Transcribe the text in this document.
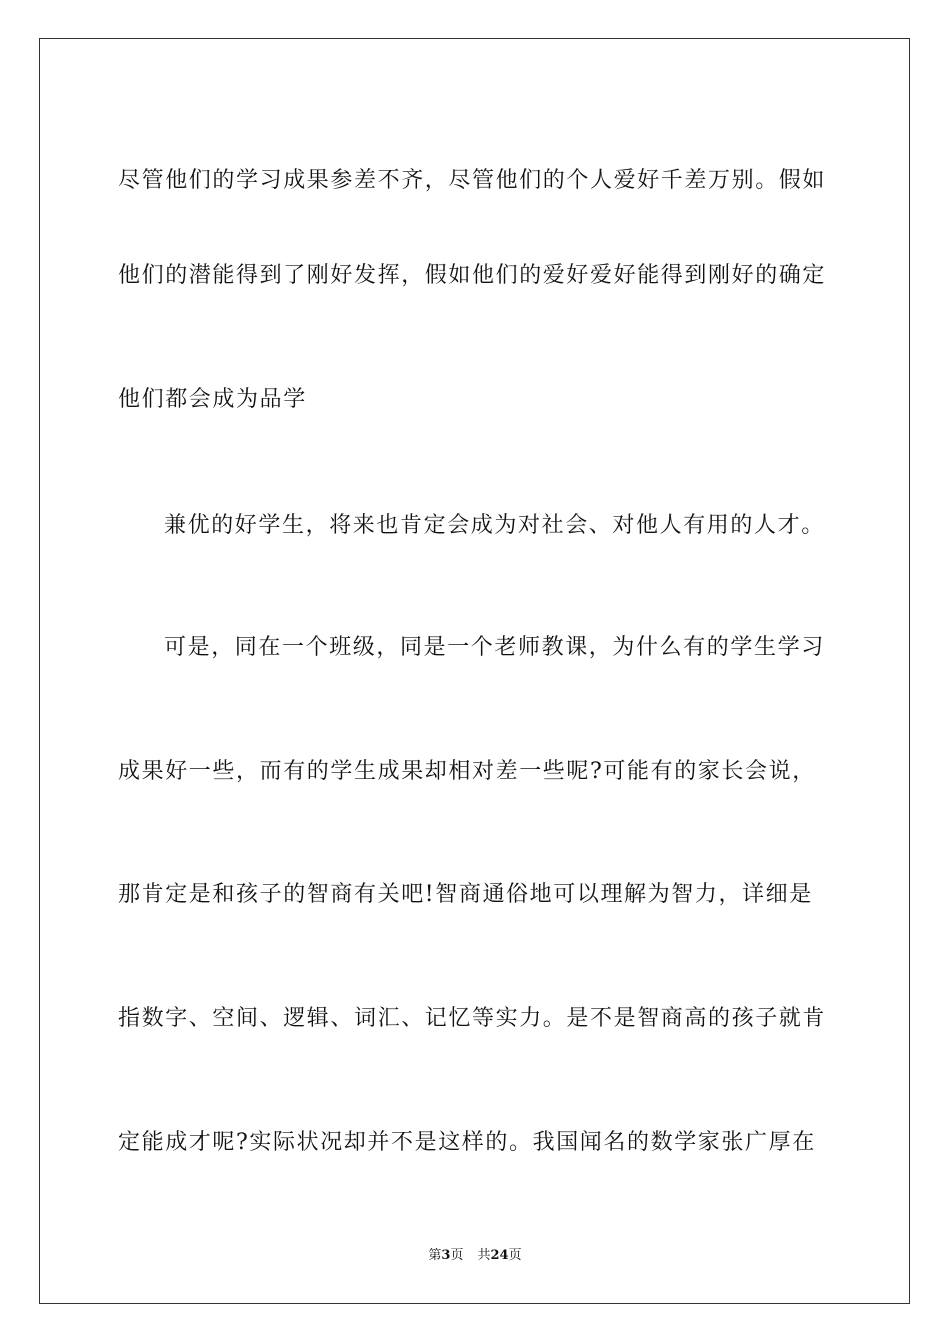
尽管他们的学习成果参差不齐，尽管他们的个人爱好千差万别。假如
他们的潜能得到了刚好发挥，假如他们的爱好爱好能得到刚好的确定
他们都会成为品学
兼优的好学生，将来也肯定会成为对社会、对他人有用的人才。
可是，同在一个班级，同是一个老师教课，为什么有的学生学习
成果好一些，而有的学生成果却相对差一些呢?可能有的家长会说，
那肯定是和孩子的智商有关吧!智商通俗地可以理解为智力，详细是
指数字、空间、逻辑、词汇、记忆等实力。是不是智商高的孩子就肯
定能成才呢?实际状况却并不是这样的。我国闻名的数学家张广厚在
第3页 共24页
